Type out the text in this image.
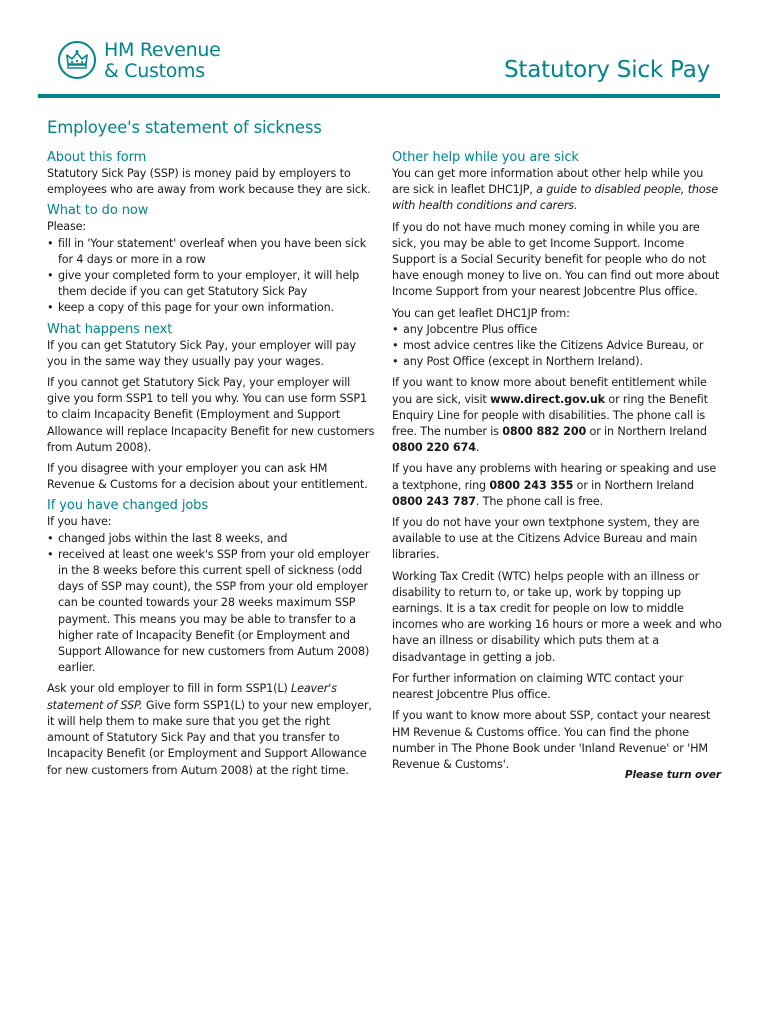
HM Revenue
& Customs	Statutory Sick Pay
Employee's statement of sickness
About this form

Statutory Sick Pay (SSP) is money paid by employers to employees who are away from work because they are sick.

What to do now

Please:

• fill in 'Your statement' overleaf when you have been sick for 4 days or more in a row
• give your completed form to your employer, it will help them decide if you can get Statutory Sick Pay
• keep a copy of this page for your own information.
What happens next

If you can get Statutory Sick Pay, your employer will pay you in the same way they usually pay your wages.

If you cannot get Statutory Sick Pay, your employer will give you form SSP1 to tell you why. You can use form SSP1 to claim Incapacity Benefit (Employment and Support Allowance will replace Incapacity Benefit for new customers from Autum 2008).

If you disagree with your employer you can ask HM Revenue & Customs for a decision about your entitlement.

If you have changed jobs

If you have:

• changed jobs within the last 8 weeks, and
• received at least one week's SSP from your old employer in the 8 weeks before this current spell of sickness (odd days of SSP may count), the SSP from your old employer can be counted towards your 28 weeks maximum SSP payment. This means you may be able to transfer to a higher rate of Incapacity Benefit (or Employment and Support Allowance for new customers from Autum 2008) earlier.

Ask your old employer to fill in form SSP1(L) Leaver's statement of SSP. Give form SSP1(L) to your new employer, it will help them to make sure that you get the right amount of Statutory Sick Pay and that you transfer to Incapacity Benefit (or Employment and Support Allowance for new customers from Autum 2008) at the right time.

Other help while you are sick

You can get more information about other help while you are sick in leaflet DHC1JP, a guide to disabled people, those with health conditions and carers.

If you do not have much money coming in while you are sick, you may be able to get Income Support. Income Support is a Social Security benefit for people who do not have enough money to live on. You can find out more about Income Support from your nearest Jobcentre Plus office.

You can get leaflet DHC1JP from:

• any Jobcentre Plus office
• most advice centres like the Citizens Advice Bureau, or
• any Post Office (except in Northern Ireland).

If you want to know more about benefit entitlement while you are sick, visit www.direct.gov.uk or ring the Benefit Enquiry Line for people with disabilities. The phone call is free. The number is 0800 882 200 or in Northern Ireland 0800 220 674.

If you have any problems with hearing or speaking and use a textphone, ring 0800 243 355 or in Northern Ireland 0800 243 787. The phone call is free.

If you do not have your own textphone system, they are available to use at the Citizens Advice Bureau and main libraries.

Working Tax Credit (WTC) helps people with an illness or disability to return to, or take up, work by topping up earnings. It is a tax credit for people on low to middle incomes who are working 16 hours or more a week and who have an illness or disability which puts them at a disadvantage in getting a job.

For further information on claiming WTC contact your nearest Jobcentre Plus office.

If you want to know more about SSP, contact your nearest HM Revenue & Customs office. You can find the phone number in The Phone Book under 'Inland Revenue' or 'HM Revenue & Customs'.

Please turn over
